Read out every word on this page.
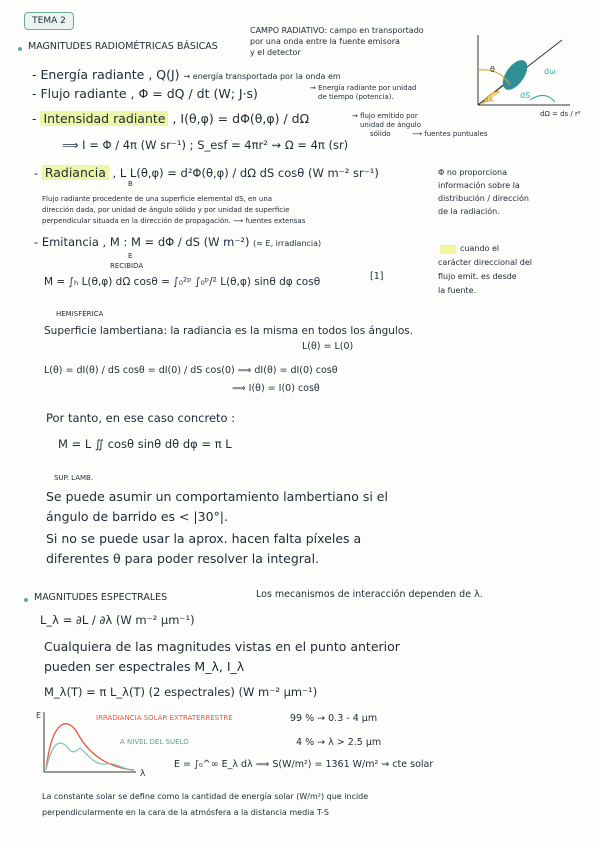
TEMA 2
MAGNITUDES RADIOMÉTRICAS BÁSICAS
CAMPO RADIATIVO: campo en transportado
por una onda entre la fuente emisora
y el detector
θ	dω
dS
dA
dΩ = ds / r²
- Energía radiante , Q(J) ⇝ energía transportada por la onda em
- Flujo radiante , Φ = dQ / dt (W; J·s)	⇝ Energía radiante por unidad
de tiempo (potencia).
- Intensidad radiante , I(θ,φ) = dΦ(θ,φ) / dΩ	⇝ flujo emitido por
unidad de ángulo
sólido	⟶ fuentes puntuales
⟹ I = Φ / 4π (W sr⁻¹) ; S_esf = 4πr² ⇝ Ω = 4π (sr)
- Radiancia , L L(θ,φ) = d²Φ(θ,φ) / dΩ dS cosθ (W m⁻² sr⁻¹)
B
Flujo radiante procedente de una superficie elemental dS, en una
dirección dada, por unidad de ángulo sólido y por unidad de superficie
perpendicular situada en la dirección de propagación. ⟶ fuentes extensas
Φ no proporciona
información sobre la
distribución / dirección
de la radiación.
E
- Emitancia , M : M = dΦ / dS (W m⁻²) (≈ E, irradiancia)
RECIBIDA
M = ∫ₕ L(θ,φ) dΩ cosθ = ∫₀²ᵖ ∫₀ᵖ/² L(θ,φ) sinθ dφ cosθ	[1]
HEMISFÉRICA
cuando el
carácter direccional del
flujo emit. es desde
la fuente.
Superficie lambertiana: la radiancia es la misma en todos los ángulos.
L(θ) = L(0)
L(θ) = dI(θ) / dS cosθ = dI(0) / dS cos(0) ⟹ dI(θ) = dI(0) cosθ
⟹ I(θ) = I(0) cosθ
Por tanto, en ese caso concreto :
M = L ∬ cosθ sinθ dθ dφ = π L
SUP. LAMB.
Se puede asumir un comportamiento lambertiano si el
ángulo de barrido es < |30°|.
Si no se puede usar la aprox. hacen falta píxeles a
diferentes θ para poder resolver la integral.
MAGNITUDES ESPECTRALES	Los mecanismos de interacción dependen de λ.
L_λ = ∂L / ∂λ (W m⁻² μm⁻¹)
Cualquiera de las magnitudes vistas en el punto anterior
pueden ser espectrales M_λ, I_λ
M_λ(T) = π L_λ(T) (2 espectrales) (W m⁻² μm⁻¹)
E
λ
IRRADIANCIA SOLAR EXTRATERRESTRE
A NIVEL DEL SUELO
99 % → 0.3 - 4 μm
4 % → λ > 2.5 μm
E = ∫₀^∞ E_λ dλ ⟹ S(W/m²) = 1361 W/m² ⇝ cte solar
La constante solar se define como la cantidad de energía solar (W/m²) que incide
perpendicularmente en la cara de la atmósfera a la distancia media T-S
